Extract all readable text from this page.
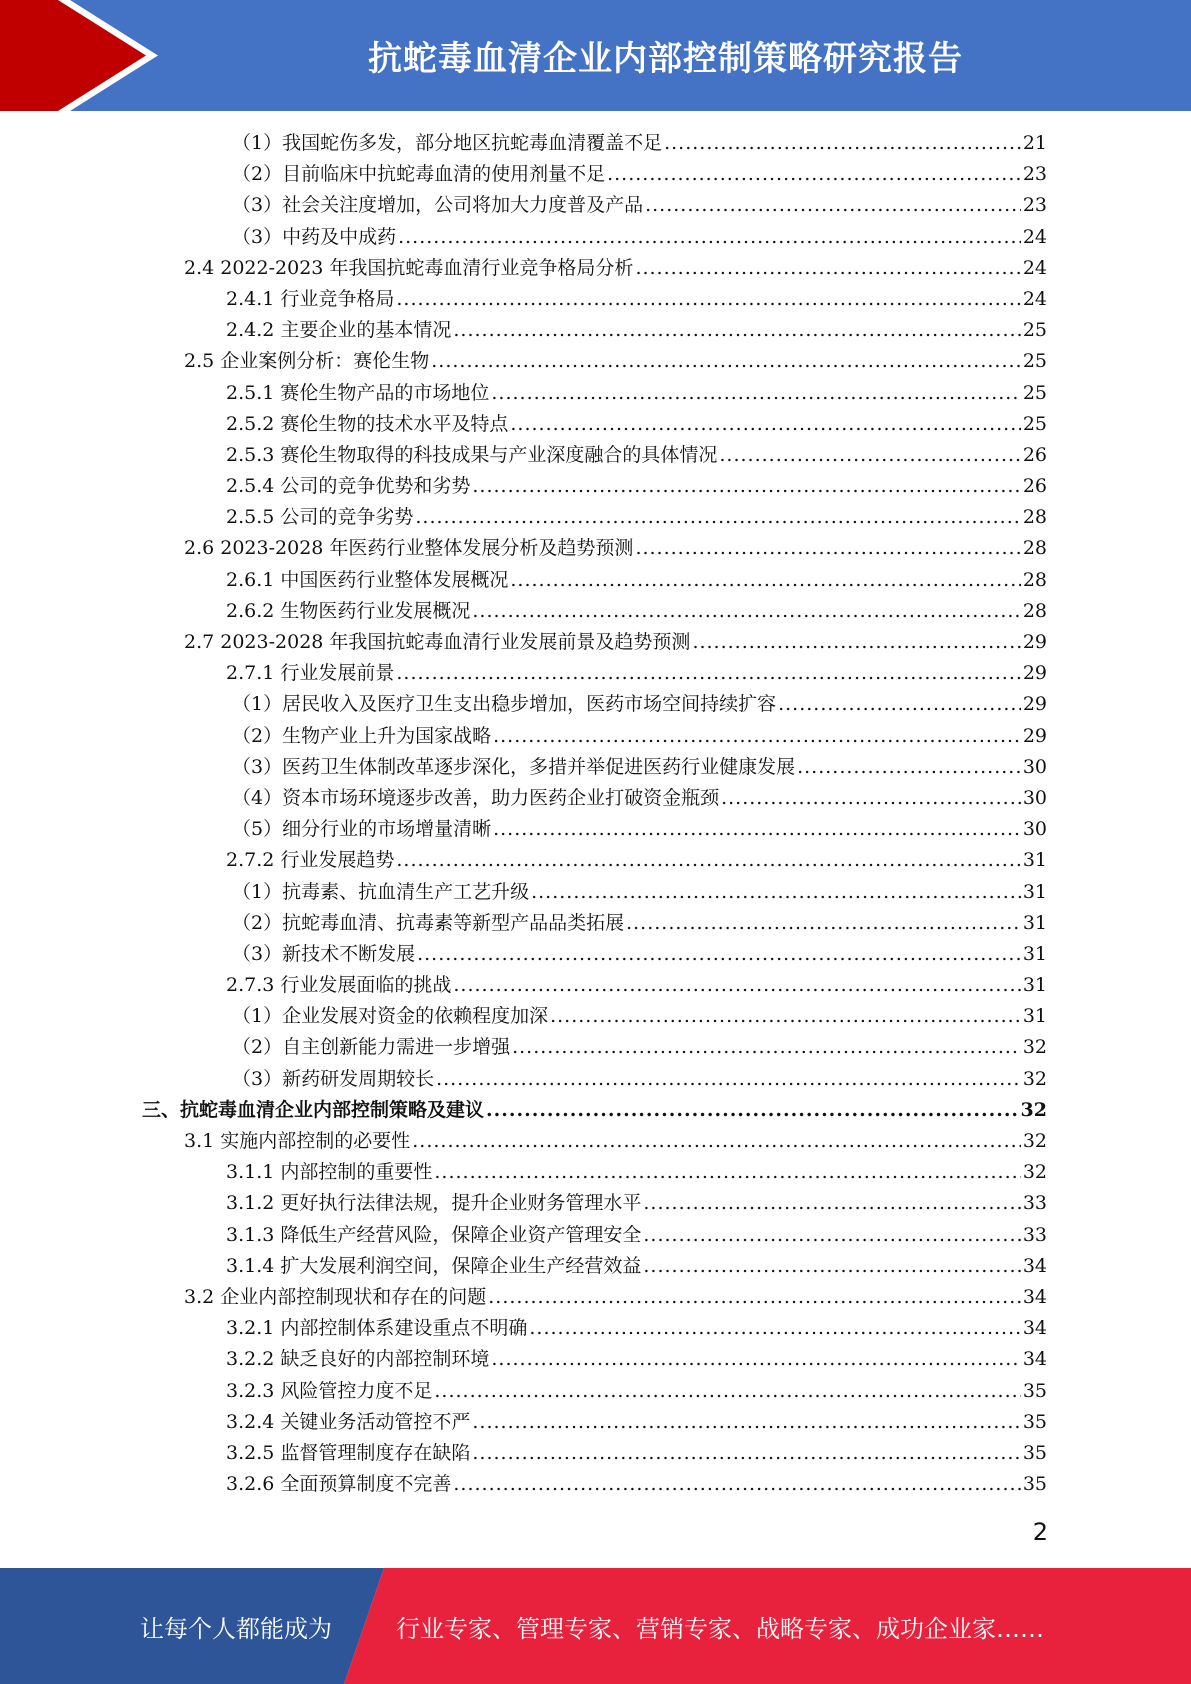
抗蛇毒血清企业内部控制策略研究报告
（1）我国蛇伤多发，部分地区抗蛇毒血清覆盖不足 .....	21
（2）目前临床中抗蛇毒血清的使用剂量不足 .....	23
（3）社会关注度增加，公司将加大力度普及产品 .....	23
（3）中药及中成药 .....	24
2.4 2022-2023 年我国抗蛇毒血清行业竞争格局分析 .....	24
2.4.1 行业竞争格局 .....	24
2.4.2 主要企业的基本情况 .....	25
2.5 企业案例分析：赛伦生物 .....	25
2.5.1 赛伦生物产品的市场地位 .....	25
2.5.2 赛伦生物的技术水平及特点 .....	25
2.5.3 赛伦生物取得的科技成果与产业深度融合的具体情况 .....	26
2.5.4 公司的竞争优势和劣势 .....	26
2.5.5 公司的竞争劣势 .....	28
2.6 2023-2028 年医药行业整体发展分析及趋势预测 .....	28
2.6.1 中国医药行业整体发展概况 .....	28
2.6.2 生物医药行业发展概况 .....	28
2.7 2023-2028 年我国抗蛇毒血清行业发展前景及趋势预测 .....	29
2.7.1 行业发展前景 .....	29
（1）居民收入及医疗卫生支出稳步增加，医药市场空间持续扩容 .....	29
（2）生物产业上升为国家战略 .....	29
（3）医药卫生体制改革逐步深化，多措并举促进医药行业健康发展 .....	30
（4）资本市场环境逐步改善，助力医药企业打破资金瓶颈 .....	30
（5）细分行业的市场增量清晰 .....	30
2.7.2 行业发展趋势 .....	31
（1）抗毒素、抗血清生产工艺升级 .....	31
（2）抗蛇毒血清、抗毒素等新型产品品类拓展 .....	31
（3）新技术不断发展 .....	31
2.7.3 行业发展面临的挑战 .....	31
（1）企业发展对资金的依赖程度加深 .....	31
（2）自主创新能力需进一步增强 .....	32
（3）新药研发周期较长 .....	32
三、抗蛇毒血清企业内部控制策略及建议 .....	32
3.1 实施内部控制的必要性 .....	32
3.1.1 内部控制的重要性 .....	32
3.1.2 更好执行法律法规，提升企业财务管理水平 .....	33
3.1.3 降低生产经营风险，保障企业资产管理安全 .....	33
3.1.4 扩大发展利润空间，保障企业生产经营效益 .....	34
3.2 企业内部控制现状和存在的问题 .....	34
3.2.1 内部控制体系建设重点不明确 .....	34
3.2.2 缺乏良好的内部控制环境 .....	34
3.2.3 风险管控力度不足 .....	35
3.2.4 关键业务活动管控不严 .....	35
3.2.5 监督管理制度存在缺陷 .....	35
3.2.6 全面预算制度不完善 .....	35
2
让每个人都能成为	行业专家、管理专家、营销专家、战略专家、成功企业家……
